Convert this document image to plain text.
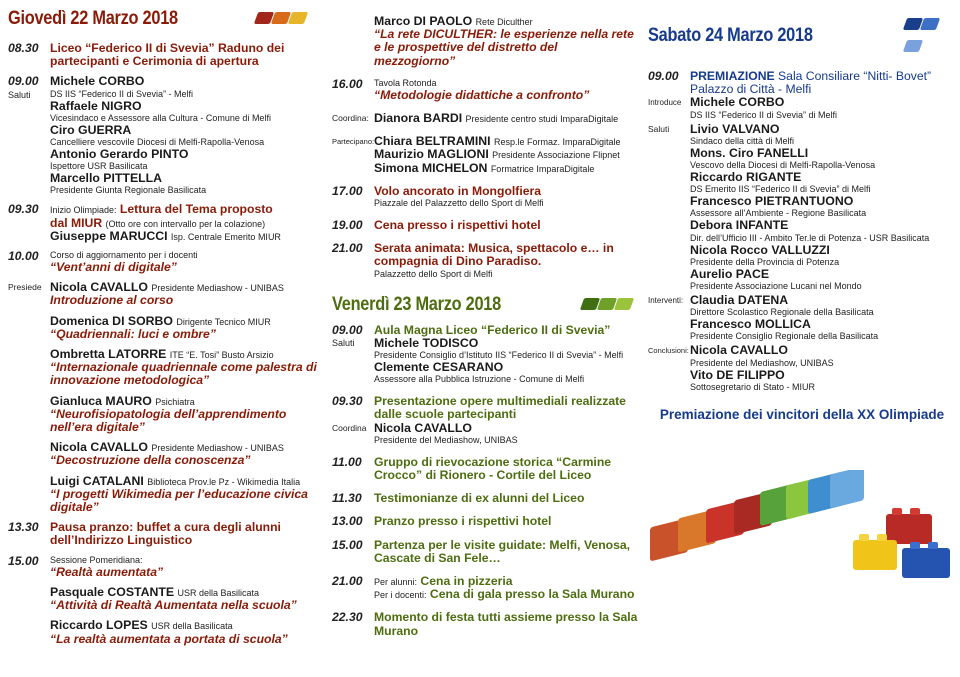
Giovedì 22 Marzo 2018
08.30 Liceo “Federico II di Svevia” Raduno dei partecipanti e Cerimonia di apertura
09.00
Saluti
Michele CORBO
DS IIS “Federico II di Svevia” - Melfi
Raffaele NIGRO
Vicesindaco e Assessore alla Cultura - Comune di Melfi
Ciro GUERRA
Cancelliere vescovile Diocesi di Melfi-Rapolla-Venosa
Antonio Gerardo PINTO
Ispettore USR Basilicata
Marcello PITTELLA
Presidente Giunta Regionale Basilicata
09.30	Inizio Olimpiade: Lettura del Tema proposto
dal MIUR (Otto ore con intervallo per la colazione)
Giuseppe MARUCCI Isp. Centrale Emerito MIUR
10.00	Corso di aggiornamento per i docenti
“Vent’anni di digitale”
Presiede Nicola CAVALLO Presidente Mediashow - UNIBAS
Introduzione al corso
Domenica DI SORBO Dirigente Tecnico MIUR
“Quadriennali: luci e ombre”
Ombretta LATORRE ITE “E. Tosi” Busto Arsizio
“Internazionale quadriennale come palestra di innovazione metodologica”
Gianluca MAURO Psichiatra
“Neurofisiopatologia dell’apprendimento nell’era digitale”
Nicola CAVALLO Presidente Mediashow - UNIBAS
“Decostruzione della conoscenza”
Luigi CATALANI Biblioteca Prov.le Pz - Wikimedia Italia
“I progetti Wikimedia per l’educazione civica digitale”
13.30 Pausa pranzo: buffet a cura degli alunni dell’Indirizzo Linguistico
15.00	Sessione Pomeridiana:
“Realtà aumentata”
Pasquale COSTANTE USR della Basilicata
“Attività di Realtà Aumentata nella scuola”
Riccardo LOPES USR della Basilicata
“La realtà aumentata a portata di scuola”
Marco DI PAOLO Rete Diculther
“La rete DICULTHER: le esperienze nella rete e le prospettive del distretto del mezzogiorno”
16.00	Tavola Rotonda
“Metodologie didattiche a confronto”
Coordina: Dianora BARDI Presidente centro studi ImparaDigitale
Partecipano: Chiara BELTRAMINI Resp.le Formaz. ImparaDigitale
Maurizio MAGLIONI Presidente Associazione Flipnet
Simona MICHELON Formatrice ImparaDigitale
17.00 Volo ancorato in Mongolfiera
Piazzale del Palazzetto dello Sport di Melfi
19.00 Cena presso i rispettivi hotel
21.00 Serata animata: Musica, spettacolo e… in compagnia di Dino Paradiso.
Palazzetto dello Sport di Melfi
Venerdì 23 Marzo 2018
09.00
Saluti
Aula Magna Liceo “Federico II di Svevia”
Michele TODISCO
Presidente Consiglio d’Istituto IIS “Federico II di Svevia” - Melfi
Clemente CESARANO
Assessore alla Pubblica Istruzione - Comune di Melfi
09.30 Presentazione opere multimediali realizzate dalle scuole partecipanti
Coordina Nicola CAVALLO
Presidente del Mediashow, UNIBAS
11.00	Gruppo di rievocazione storica “Carmine Crocco” di Rionero - Cortile del Liceo
11.30	Testimonianze di ex alunni del Liceo
13.00 Pranzo presso i rispettivi hotel
15.00 Partenza per le visite guidate: Melfi, Venosa, Cascate di San Fele…
21.00	Per alunni: Cena in pizzeria
Per i docenti: Cena di gala presso la Sala Murano
22.30 Momento di festa tutti assieme presso la Sala Murano
Sabato 24 Marzo 2018
09.00 PREMIAZIONE Sala Consiliare “Nitti- Bovet”
Palazzo di Città - Melfi
Introduce Michele CORBO
DS IIS “Federico II di Svevia” di Melfi
Saluti	Livio VALVANO
Sindaco della città di Melfi
Mons. Ciro FANELLI
Vescovo della Diocesi di Melfi-Rapolla-Venosa
Riccardo RIGANTE
DS Emerito IIS “Federico II di Svevia” di Melfi
Francesco PIETRANTUONO
Assessore all’Ambiente - Regione Basilicata
Debora INFANTE
Dir. dell’Ufficio III - Ambito Ter.le di Potenza - USR Basilicata
Nicola Rocco VALLUZZI
Presidente della Provincia di Potenza
Aurelio PACE
Presidente Associazione Lucani nel Mondo
Interventi: Claudia DATENA
Direttore Scolastico Regionale della Basilicata
Francesco MOLLICA
Presidente Consiglio Regionale della Basilicata
Conclusioni: Nicola CAVALLO
Presidente del Mediashow, UNIBAS
Vito DE FILIPPO
Sottosegretario di Stato - MIUR
Premiazione dei vincitori della XX Olimpiade
